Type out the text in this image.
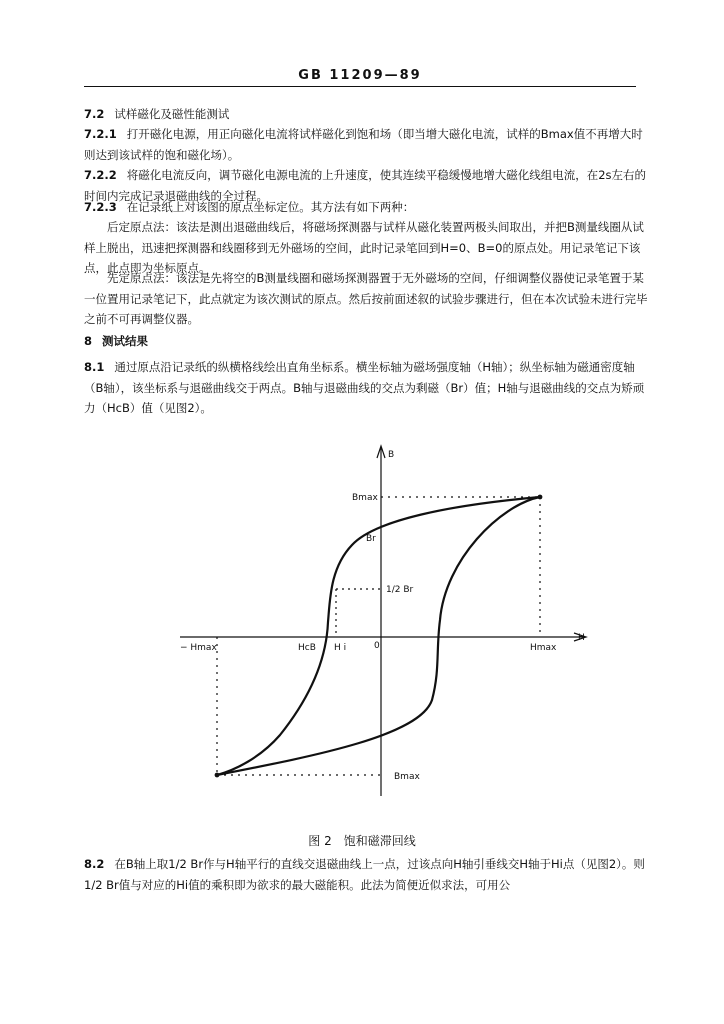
GB 11209—89

7.2 试样磁化及磁性能测试

7.2.1 打开磁化电源，用正向磁化电流将试样磁化到饱和场（即当增大磁化电流，试样的Bmax值不再增大时则达到该试样的饱和磁化场）。

7.2.2 将磁化电流反向，调节磁化电源电流的上升速度，使其连续平稳缓慢地增大磁化线组电流，在2s左右的时间内完成记录退磁曲线的全过程。

7.2.3 在记录纸上对该图的原点坐标定位。其方法有如下两种：

后定原点法：该法是测出退磁曲线后，将磁场探测器与试样从磁化装置两极头间取出，并把B测量线圈从试样上脱出，迅速把探测器和线圈移到无外磁场的空间，此时记录笔回到H=0、B=0的原点处。用记录笔记下该点，此点即为坐标原点。

先定原点法：该法是先将空的B测量线圈和磁场探测器置于无外磁场的空间，仔细调整仪器使记录笔置于某一位置用记录笔记下，此点就定为该次测试的原点。然后按前面述叙的试验步骤进行，但在本次试验未进行完毕之前不可再调整仪器。

8 测试结果

8.1 通过原点沿记录纸的纵横格线绘出直角坐标系。横坐标轴为磁场强度轴（H轴）；纵坐标轴为磁通密度轴（B轴），该坐标系与退磁曲线交于两点。B轴与退磁曲线的交点为剩磁（Br）值；H轴与退磁曲线的交点为矫顽力（HcB）值（见图2）。

B
H
0
Bmax
Br
1/2 Br
− Hmax	Hmax
HcB H i
Bmax
图 2　饱和磁滞回线

8.2 在B轴上取1/2 Br作与H轴平行的直线交退磁曲线上一点，过该点向H轴引垂线交H轴于Hi点（见图2）。则1/2 Br值与对应的Hi值的乘积即为欲求的最大磁能积。此法为简便近似求法，可用公
